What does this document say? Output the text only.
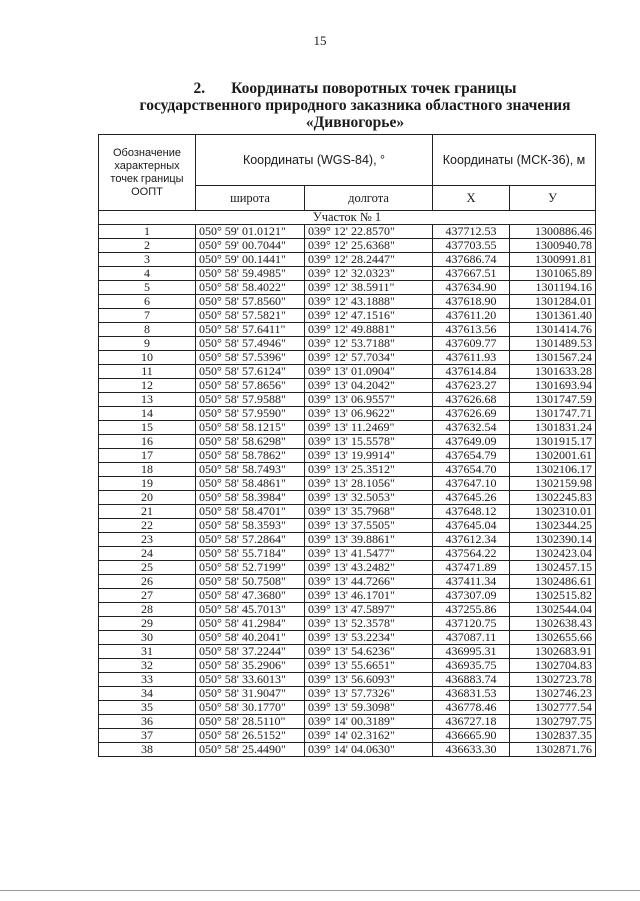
15
2. Координаты поворотных точек границы
государственного природного заказника областного значения
«Дивногорье»
Обозначение характерных точек границы ООПТ	Координаты (WGS-84), °		Координаты (МСК-36), м	
	широта	долгота	X	У
Участок № 1				
1	050° 59' 01.0121"	039° 12' 22.8570"	437712.53	1300886.46
2	050° 59' 00.7044"	039° 12' 25.6368"	437703.55	1300940.78
3	050° 59' 00.1441"	039° 12' 28.2447"	437686.74	1300991.81
4	050° 58' 59.4985"	039° 12' 32.0323"	437667.51	1301065.89
5	050° 58' 58.4022"	039° 12' 38.5911"	437634.90	1301194.16
6	050° 58' 57.8560"	039° 12' 43.1888"	437618.90	1301284.01
7	050° 58' 57.5821"	039° 12' 47.1516"	437611.20	1301361.40
8	050° 58' 57.6411"	039° 12' 49.8881"	437613.56	1301414.76
9	050° 58' 57.4946"	039° 12' 53.7188"	437609.77	1301489.53
10	050° 58' 57.5396"	039° 12' 57.7034"	437611.93	1301567.24
11	050° 58' 57.6124"	039° 13' 01.0904"	437614.84	1301633.28
12	050° 58' 57.8656"	039° 13' 04.2042"	437623.27	1301693.94
13	050° 58' 57.9588"	039° 13' 06.9557"	437626.68	1301747.59
14	050° 58' 57.9590"	039° 13' 06.9622"	437626.69	1301747.71
15	050° 58' 58.1215"	039° 13' 11.2469"	437632.54	1301831.24
16	050° 58' 58.6298"	039° 13' 15.5578"	437649.09	1301915.17
17	050° 58' 58.7862"	039° 13' 19.9914"	437654.79	1302001.61
18	050° 58' 58.7493"	039° 13' 25.3512"	437654.70	1302106.17
19	050° 58' 58.4861"	039° 13' 28.1056"	437647.10	1302159.98
20	050° 58' 58.3984"	039° 13' 32.5053"	437645.26	1302245.83
21	050° 58' 58.4701"	039° 13' 35.7968"	437648.12	1302310.01
22	050° 58' 58.3593"	039° 13' 37.5505"	437645.04	1302344.25
23	050° 58' 57.2864"	039° 13' 39.8861"	437612.34	1302390.14
24	050° 58' 55.7184"	039° 13' 41.5477"	437564.22	1302423.04
25	050° 58' 52.7199"	039° 13' 43.2482"	437471.89	1302457.15
26	050° 58' 50.7508"	039° 13' 44.7266"	437411.34	1302486.61
27	050° 58' 47.3680"	039° 13' 46.1701"	437307.09	1302515.82
28	050° 58' 45.7013"	039° 13' 47.5897"	437255.86	1302544.04
29	050° 58' 41.2984"	039° 13' 52.3578"	437120.75	1302638.43
30	050° 58' 40.2041"	039° 13' 53.2234"	437087.11	1302655.66
31	050° 58' 37.2244"	039° 13' 54.6236"	436995.31	1302683.91
32	050° 58' 35.2906"	039° 13' 55.6651"	436935.75	1302704.83
33	050° 58' 33.6013"	039° 13' 56.6093"	436883.74	1302723.78
34	050° 58' 31.9047"	039° 13' 57.7326"	436831.53	1302746.23
35	050° 58' 30.1770"	039° 13' 59.3098"	436778.46	1302777.54
36	050° 58' 28.5110"	039° 14' 00.3189"	436727.18	1302797.75
37	050° 58' 26.5152"	039° 14' 02.3162"	436665.90	1302837.35
38	050° 58' 25.4490"	039° 14' 04.0630"	436633.30	1302871.76
